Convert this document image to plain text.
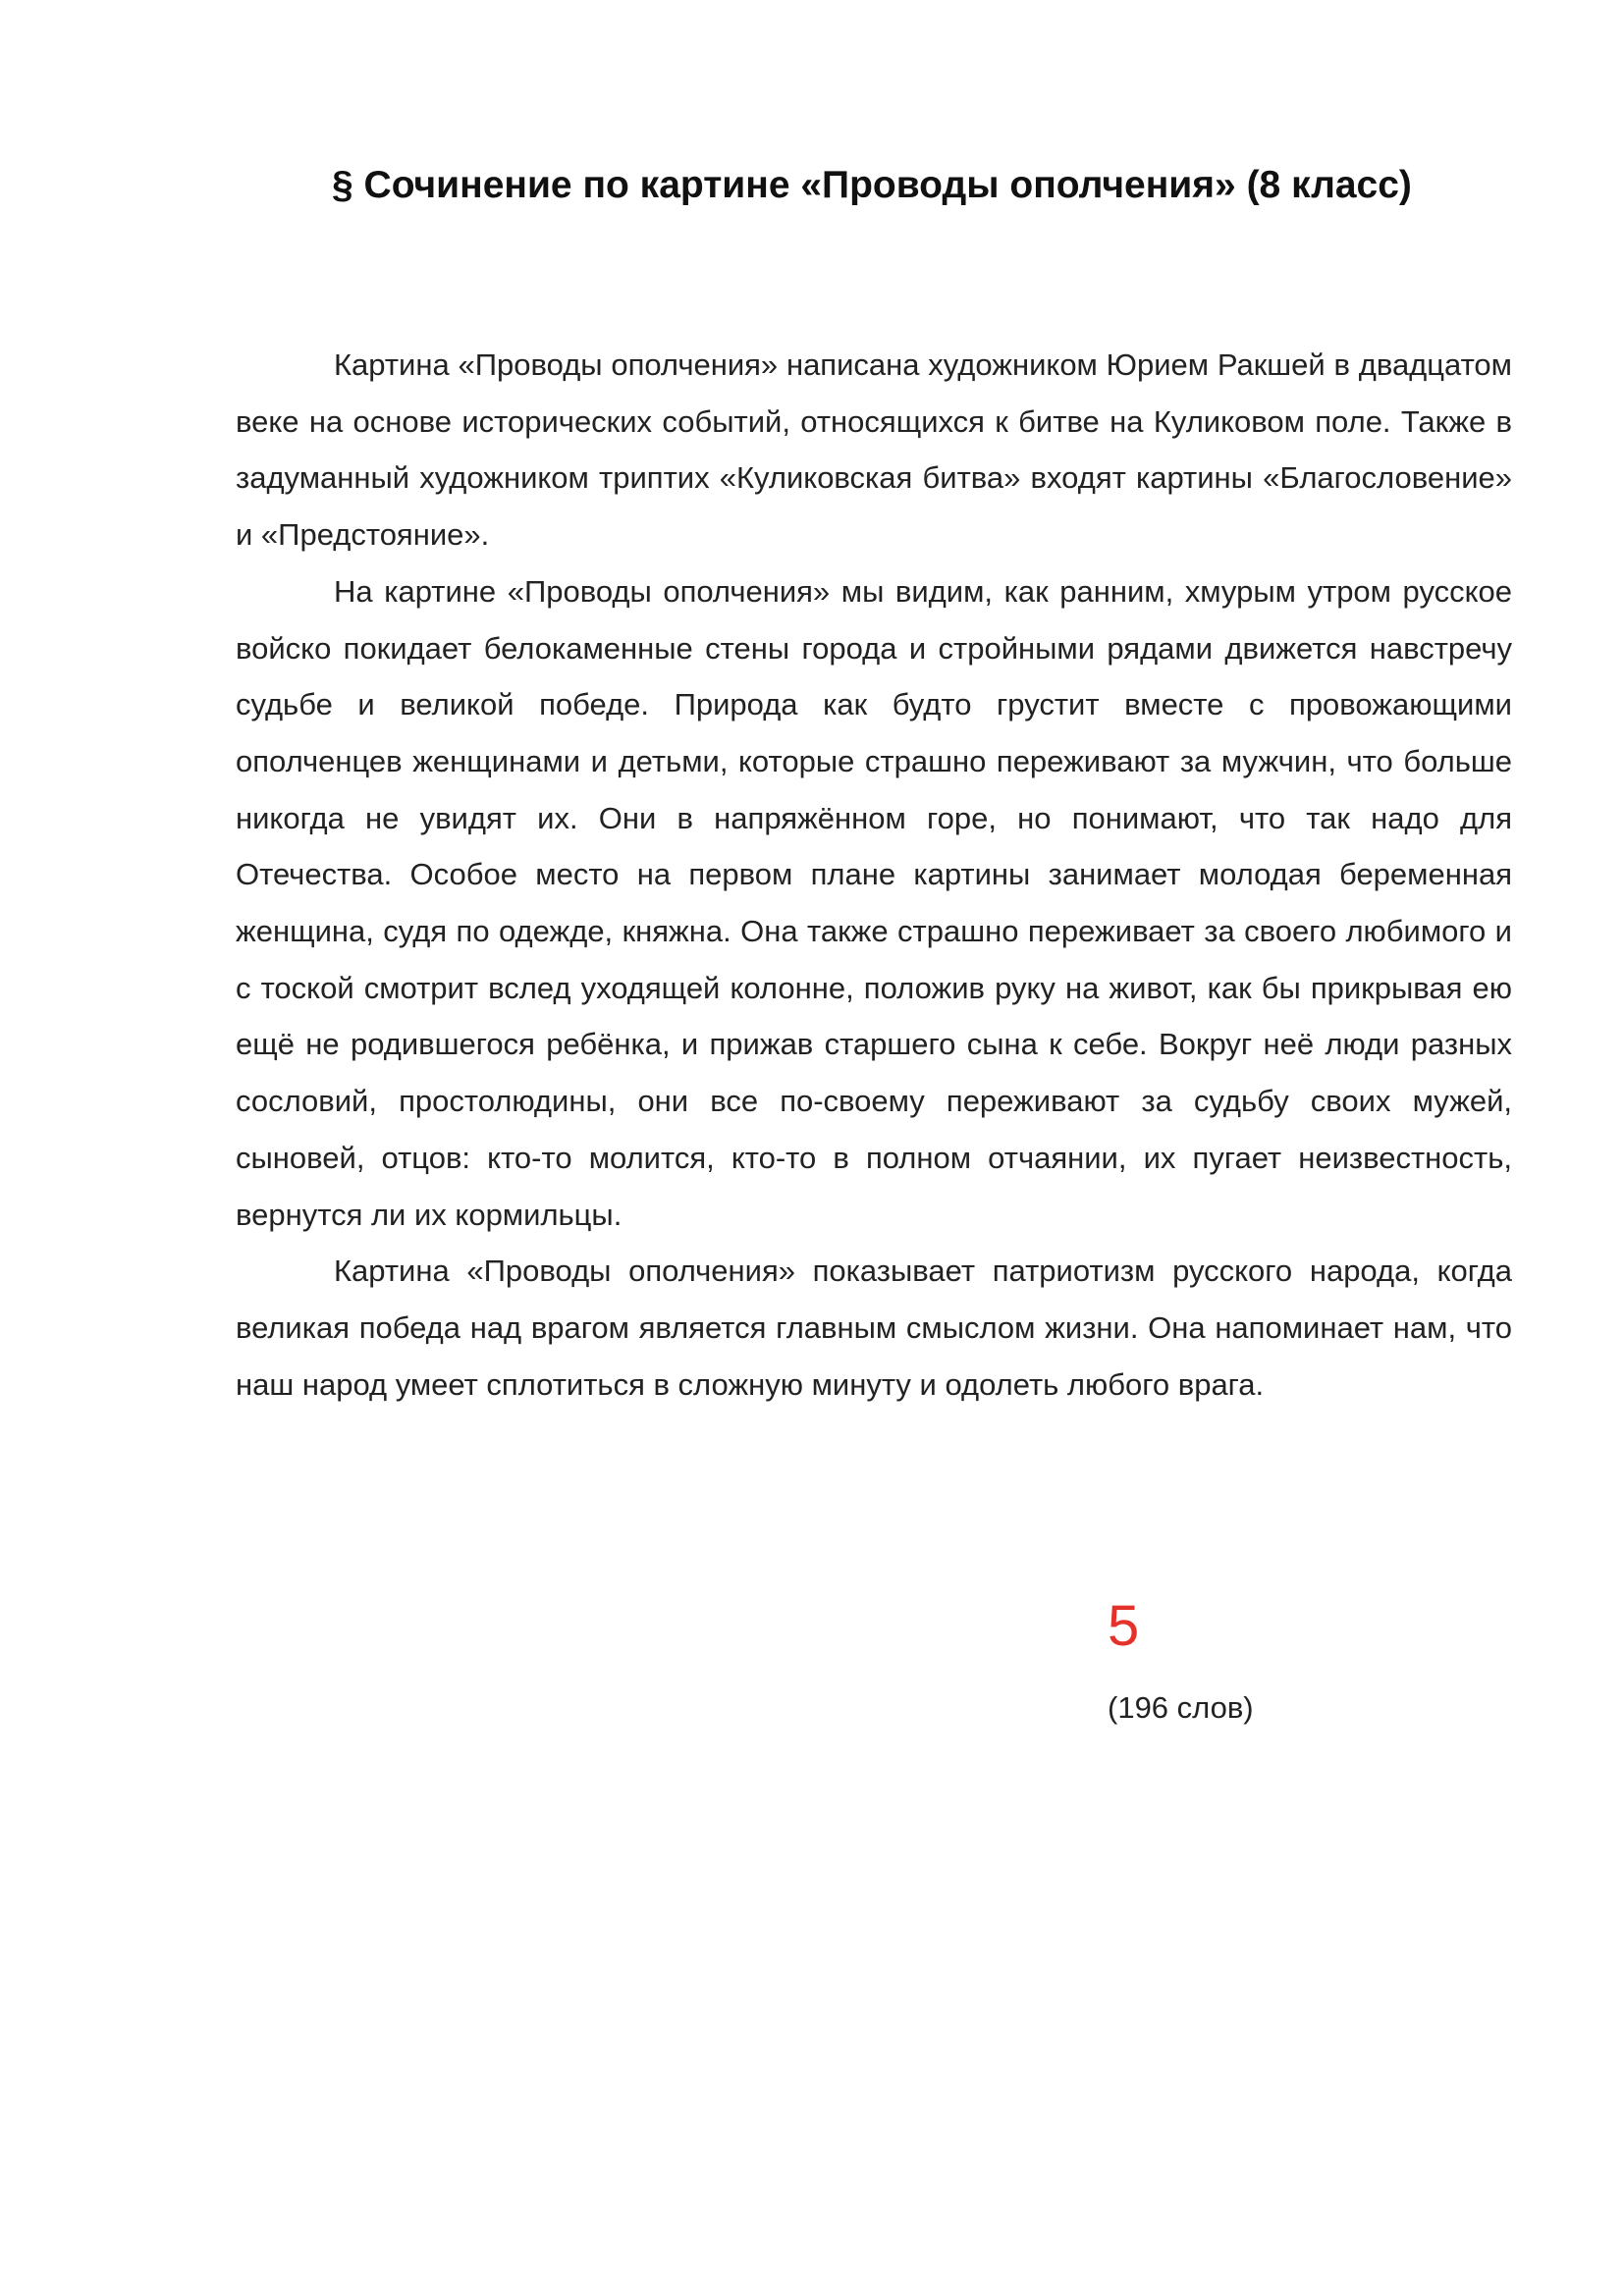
§ Сочинение по картине «Проводы ополчения» (8 класс)

Картина «Проводы ополчения» написана художником Юрием Ракшей в двадцатом веке на основе исторических событий, относящихся к битве на Куликовом поле. Также в задуманный художником триптих «Куликовская битва» входят картины «Благословение» и «Предстояние».

На картине «Проводы ополчения» мы видим, как ранним, хмурым утром русское войско покидает белокаменные стены города и стройными рядами движется навстречу судьбе и великой победе. Природа как будто грустит вместе с провожающими ополченцев женщинами и детьми, которые страшно переживают за мужчин, что больше никогда не увидят их. Они в напряжённом горе, но понимают, что так надо для Отечества. Особое место на первом плане картины занимает молодая беременная женщина, судя по одежде, княжна. Она также страшно переживает за своего любимого и с тоской смотрит вслед уходящей колонне, положив руку на живот, как бы прикрывая ею ещё не родившегося ребёнка, и прижав старшего сына к себе. Вокруг неё люди разных сословий, простолюдины, они все по-своему переживают за судьбу своих мужей, сыновей, отцов: кто-то молится, кто-то в полном отчаянии, их пугает неизвестность, вернутся ли их кормильцы.

Картина «Проводы ополчения» показывает патриотизм русского народа, когда великая победа над врагом является главным смыслом жизни. Она напоминает нам, что наш народ умеет сплотиться в сложную минуту и одолеть любого врага.

5
(196 слов)
